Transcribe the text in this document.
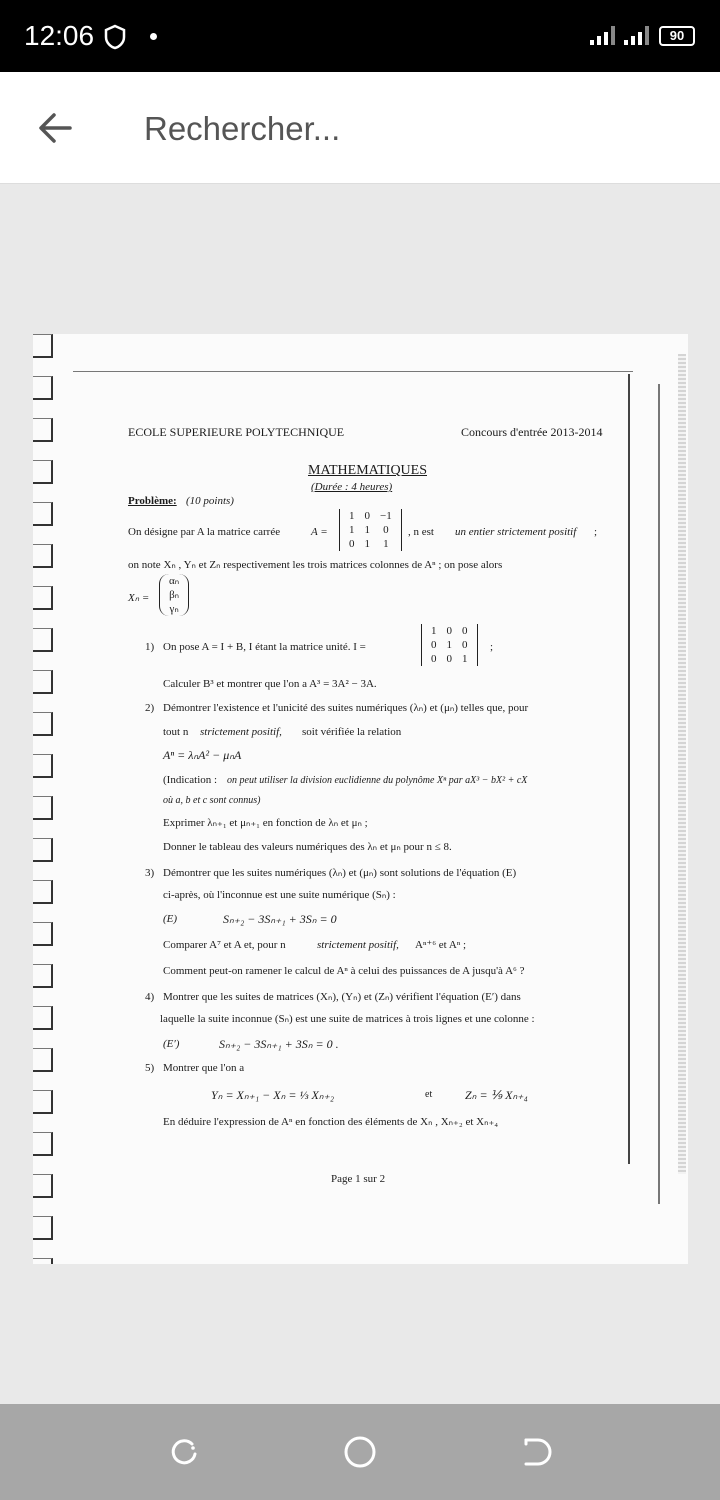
12:06	90
Rechercher...
ECOLE SUPERIEURE POLYTECHNIQUE	Concours d'entrée 2013-2014
MATHEMATIQUES
(Durée : 4 heures)
Problème: (10 points)
On désigne par A la matrice carrée	A =
1	0	−1
1	1	0
0	1	1
, n est un entier strictement positif ;
on note Xₙ , Yₙ et Zₙ respectivement les trois matrices colonnes de Aⁿ ; on pose alors
Xₙ =
αₙ
βₙ
γₙ
1) On pose A = I + B, I étant la matrice unité. I =
1	0	0
0	1	0
0	0	1
;
Calculer B³ et montrer que l'on a A³ = 3A² − 3A.
2) Démontrer l'existence et l'unicité des suites numériques (λₙ) et (μₙ) telles que, pour
tout n strictement positif, soit vérifiée la relation
Aⁿ = λₙA² − μₙA
(Indication : on peut utiliser la division euclidienne du polynôme Xⁿ par aX³ − bX² + cX
où a, b et c sont connus)
Exprimer λₙ₊₁ et μₙ₊₁ en fonction de λₙ et μₙ ;
Donner le tableau des valeurs numériques des λₙ et μₙ pour n ≤ 8.
3) Démontrer que les suites numériques (λₙ) et (μₙ) sont solutions de l'équation (E)
ci-après, où l'inconnue est une suite numérique (Sₙ) :
(E)	Sₙ₊₂ − 3Sₙ₊₁ + 3Sₙ = 0
Comparer A⁷ et A et, pour n	strictement positif, Aⁿ⁺⁶ et Aⁿ ;
Comment peut-on ramener le calcul de Aⁿ à celui des puissances de A jusqu'à A⁶ ?
4) Montrer que les suites de matrices (Xₙ), (Yₙ) et (Zₙ) vérifient l'équation (E′) dans
laquelle la suite inconnue (Sₙ) est une suite de matrices à trois lignes et une colonne :
(E′)	Sₙ₊₂ − 3Sₙ₊₁ + 3Sₙ = 0 .
5) Montrer que l'on a
Yₙ = Xₙ₊₁ − Xₙ = ⅓ Xₙ₊₂	et	Zₙ = ⅑ Xₙ₊₄
En déduire l'expression de Aⁿ en fonction des éléments de Xₙ , Xₙ₊₂ et Xₙ₊₄
Page 1 sur 2
